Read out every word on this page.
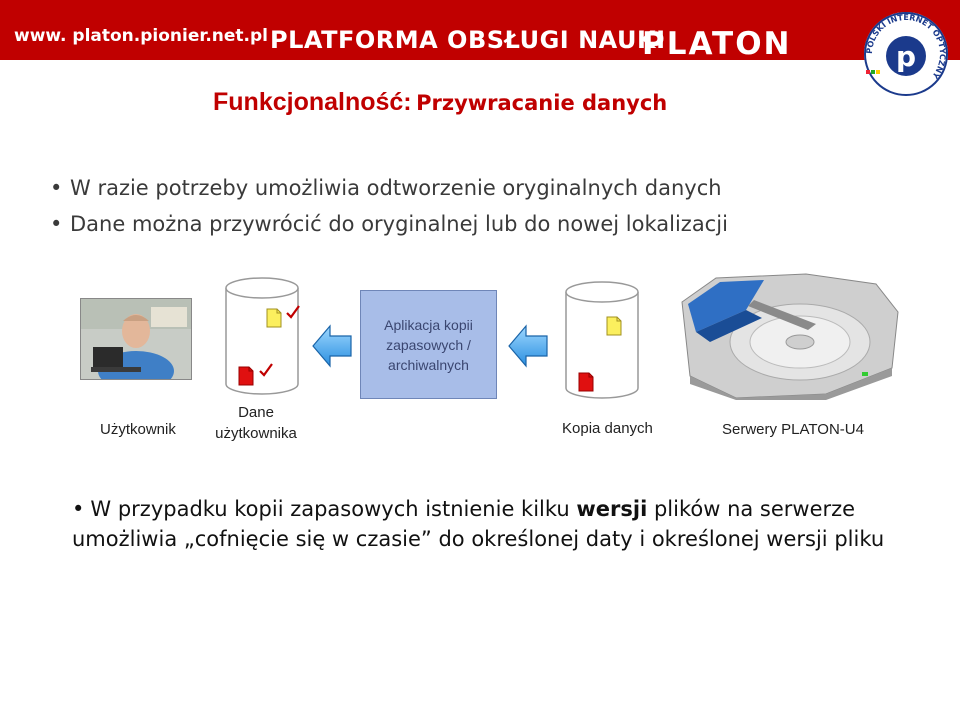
www. platon.pionier.net.pl PLATFORMA OBSŁUGI NAUKI
PLATON	POLSKI INTERNET OPTYCZNY
p
Funkcjonalność: Przywracanie danych
• W razie potrzeby umożliwia odtworzenie oryginalnych danych
• Dane można przywrócić do oryginalnej lub do nowej lokalizacji
Użytkownik
Dane
użytkownika
Aplikacja kopii
zapasowych /
archiwalnych
Kopia danych	Serwery PLATON-U4
• W przypadku kopii zapasowych istnienie kilku wersji plików na serwerze umożliwia „cofnięcie się w czasie” do określonej daty i określonej wersji pliku
